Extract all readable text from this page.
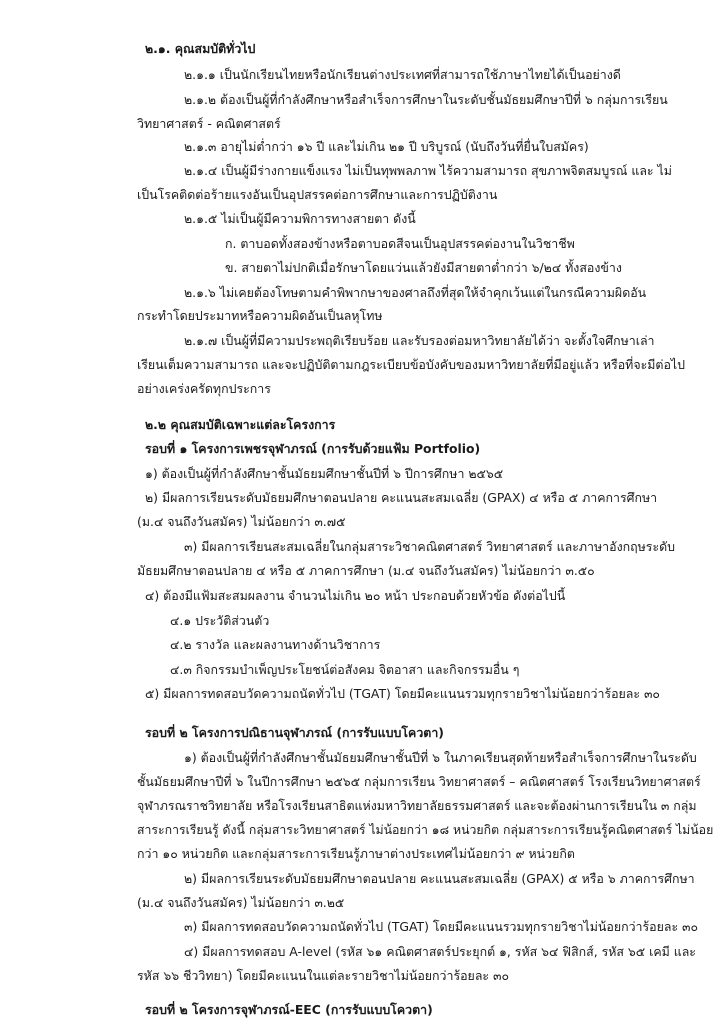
๒.๑. คุณสมบัติทั่วไป
๒.๑.๑ เป็นนักเรียนไทยหรือนักเรียนต่างประเทศที่สามารถใช้ภาษาไทยได้เป็นอย่างดี
๒.๑.๒ ต้องเป็นผู้ที่กำลังศึกษาหรือสำเร็จการศึกษาในระดับชั้นมัธยมศึกษาปีที่ ๖ กลุ่มการเรียน
วิทยาศาสตร์ - คณิตศาสตร์
๒.๑.๓ อายุไม่ต่ำกว่า ๑๖ ปี และไม่เกิน ๒๑ ปี บริบูรณ์ (นับถึงวันที่ยื่นใบสมัคร)
๒.๑.๔ เป็นผู้มีร่างกายแข็งแรง ไม่เป็นทุพพลภาพ ไร้ความสามารถ สุขภาพจิตสมบูรณ์ และ ไม่
เป็นโรคติดต่อร้ายแรงอันเป็นอุปสรรคต่อการศึกษาและการปฏิบัติงาน
๒.๑.๕ ไม่เป็นผู้มีความพิการทางสายตา ดังนี้
ก. ตาบอดทั้งสองข้างหรือตาบอดสีจนเป็นอุปสรรคต่องานในวิชาชีพ
ข. สายตาไม่ปกติเมื่อรักษาโดยแว่นแล้วยังมีสายตาต่ำกว่า ๖/๒๔ ทั้งสองข้าง
๒.๑.๖ ไม่เคยต้องโทษตามคำพิพากษาของศาลถึงที่สุดให้จำคุกเว้นแต่ในกรณีความผิดอัน
กระทำโดยประมาทหรือความผิดอันเป็นลหุโทษ
๒.๑.๗ เป็นผู้ที่มีความประพฤติเรียบร้อย และรับรองต่อมหาวิทยาลัยได้ว่า จะตั้งใจศึกษาเล่า
เรียนเต็มความสามารถ และจะปฏิบัติตามกฎระเบียบข้อบังคับของมหาวิทยาลัยที่มีอยู่แล้ว หรือที่จะมีต่อไป
อย่างเคร่งครัดทุกประการ
๒.๒ คุณสมบัติเฉพาะแต่ละโครงการ
รอบที่ ๑ โครงการเพชรจุฬาภรณ์ (การรับด้วยแฟ้ม Portfolio)
๑) ต้องเป็นผู้ที่กำลังศึกษาชั้นมัธยมศึกษาชั้นปีที่ ๖ ปีการศึกษา ๒๕๖๕
๒) มีผลการเรียนระดับมัธยมศึกษาตอนปลาย คะแนนสะสมเฉลี่ย (GPAX) ๔ หรือ ๕ ภาคการศึกษา
(ม.๔ จนถึงวันสมัคร) ไม่น้อยกว่า ๓.๗๕
๓) มีผลการเรียนสะสมเฉลี่ยในกลุ่มสาระวิชาคณิตศาสตร์ วิทยาศาสตร์ และภาษาอังกฤษระดับ
มัธยมศึกษาตอนปลาย ๔ หรือ ๕ ภาคการศึกษา (ม.๔ จนถึงวันสมัคร) ไม่น้อยกว่า ๓.๕๐
๔) ต้องมีแฟ้มสะสมผลงาน จำนวนไม่เกิน ๒๐ หน้า ประกอบด้วยหัวข้อ ดังต่อไปนี้
๔.๑ ประวัติส่วนตัว
๔.๒ รางวัล และผลงานทางด้านวิชาการ
๔.๓ กิจกรรมบำเพ็ญประโยชน์ต่อสังคม จิตอาสา และกิจกรรมอื่น ๆ
๕) มีผลการทดสอบวัดความถนัดทั่วไป (TGAT) โดยมีคะแนนรวมทุกรายวิชาไม่น้อยกว่าร้อยละ ๓๐
รอบที่ ๒ โครงการปณิธานจุฬาภรณ์ (การรับแบบโควตา)
๑) ต้องเป็นผู้ที่กำลังศึกษาชั้นมัธยมศึกษาชั้นปีที่ ๖ ในภาคเรียนสุดท้ายหรือสำเร็จการศึกษาในระดับ
ชั้นมัธยมศึกษาปีที่ ๖ ในปีการศึกษา ๒๕๖๕ กลุ่มการเรียน วิทยาศาสตร์ – คณิตศาสตร์ โรงเรียนวิทยาศาสตร์
จุฬาภรณราชวิทยาลัย หรือโรงเรียนสาธิตแห่งมหาวิทยาลัยธรรมศาสตร์ และจะต้องผ่านการเรียนใน ๓ กลุ่ม
สาระการเรียนรู้ ดังนี้ กลุ่มสาระวิทยาศาสตร์ ไม่น้อยกว่า ๑๘ หน่วยกิต กลุ่มสาระการเรียนรู้คณิตศาสตร์ ไม่น้อย
กว่า ๑๐ หน่วยกิต และกลุ่มสาระการเรียนรู้ภาษาต่างประเทศไม่น้อยกว่า ๙ หน่วยกิต
๒) มีผลการเรียนระดับมัธยมศึกษาตอนปลาย คะแนนสะสมเฉลี่ย (GPAX) ๕ หรือ ๖ ภาคการศึกษา
(ม.๔ จนถึงวันสมัคร) ไม่น้อยกว่า ๓.๒๕
๓) มีผลการทดสอบวัดความถนัดทั่วไป (TGAT) โดยมีคะแนนรวมทุกรายวิชาไม่น้อยกว่าร้อยละ ๓๐
๔) มีผลการทดสอบ A-level (รหัส ๖๑ คณิตศาสตร์ประยุกต์ ๑, รหัส ๖๔ ฟิสิกส์, รหัส ๖๕ เคมี และ
รหัส ๖๖ ชีววิทยา) โดยมีคะแนนในแต่ละรายวิชาไม่น้อยกว่าร้อยละ ๓๐
รอบที่ ๒ โครงการจุฬาภรณ์-EEC (การรับแบบโควตา)
